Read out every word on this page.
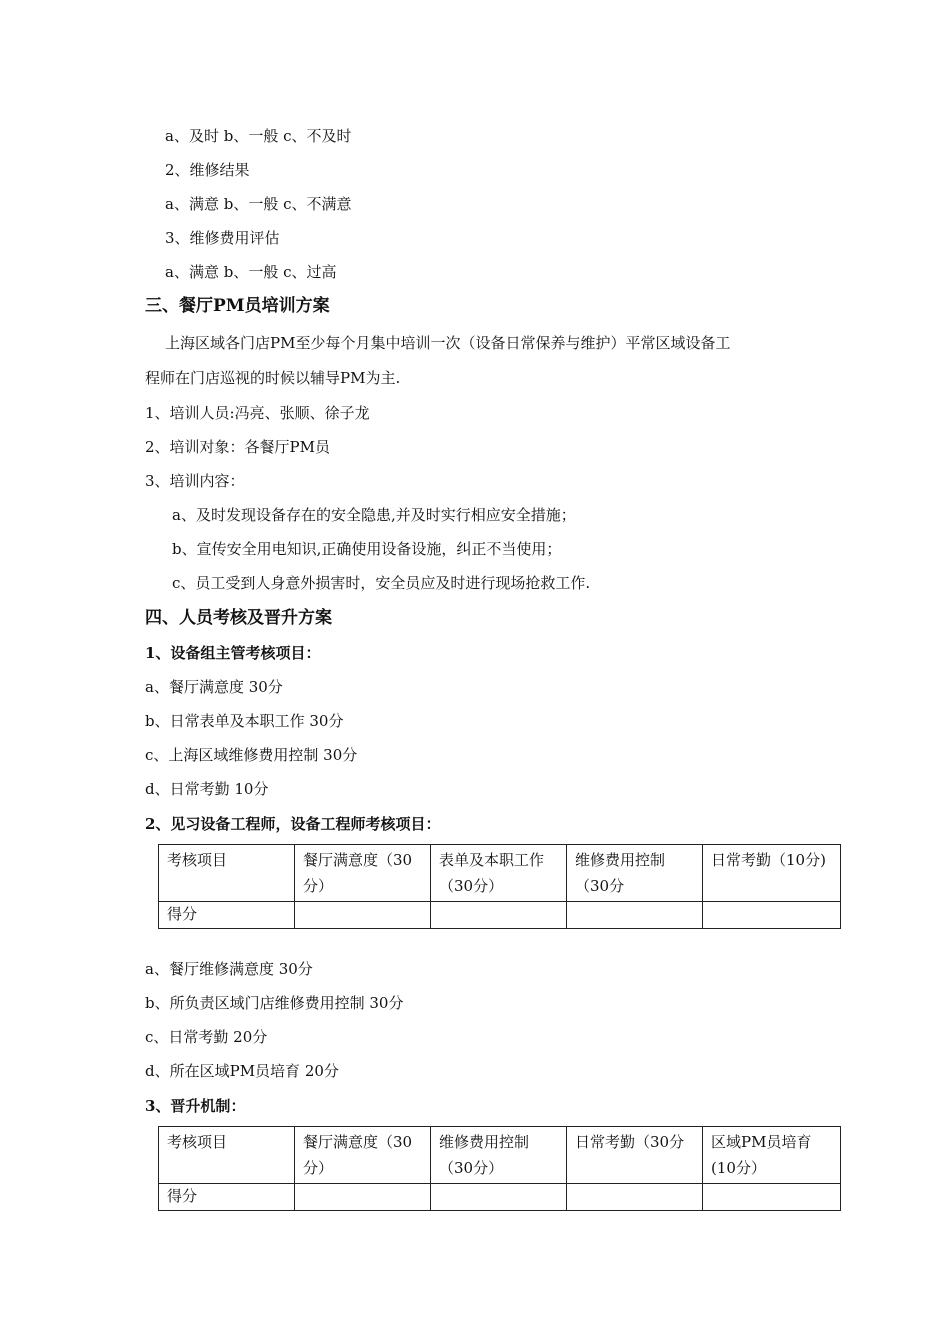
a、及时 b、一般 c、不及时
2、维修结果
a、满意 b、一般 c、不满意
3、维修费用评估
a、满意 b、一般 c、过高
三、餐厅PM员培训方案
上海区域各门店PM至少每个月集中培训一次（设备日常保养与维护）平常区域设备工
程师在门店巡视的时候以辅导PM为主.
1、培训人员:冯亮、张顺、徐子龙
2、培训对象：各餐厅PM员
3、培训内容：
a、及时发现设备存在的安全隐患,并及时实行相应安全措施；
b、宣传安全用电知识,正确使用设备设施，纠正不当使用；
c、员工受到人身意外损害时，安全员应及时进行现场抢救工作.
四、人员考核及晋升方案
1、设备组主管考核项目：
a、餐厅满意度 30分
b、日常表单及本职工作 30分
c、上海区域维修费用控制 30分
d、日常考勤 10分
2、见习设备工程师，设备工程师考核项目：
考核项目	餐厅满意度（30分）	表单及本职工作（30分）	维修费用控制（30分	日常考勤（10分)
得分				
a、餐厅维修满意度 30分
b、所负责区域门店维修费用控制 30分
c、日常考勤 20分
d、所在区域PM员培育 20分
3、晋升机制：
考核项目	餐厅满意度（30分）	维修费用控制（30分）	日常考勤（30分	区域PM员培育(10分）
得分				
